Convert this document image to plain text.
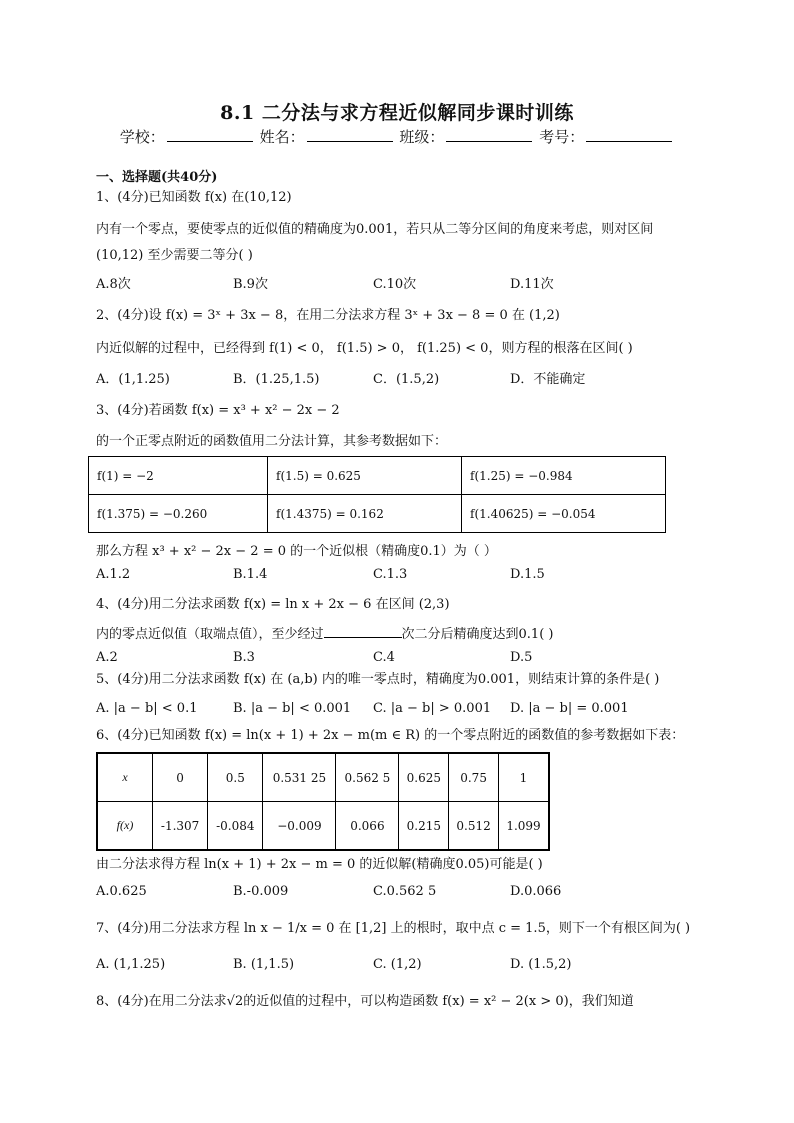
8.1 二分法与求方程近似解同步课时训练
学校：	姓名：	班级：	考号：
一、选择题(共40分)
1、(4分)已知函数 f(x) 在(10,12)
内有一个零点，要使零点的近似值的精确度为0.001，若只从二等分区间的角度来考虑，则对区间
(10,12) 至少需要二等分( )
A.8次	B.9次	C.10次	D.11次
2、(4分)设 f(x) = 3ˣ + 3x − 8，在用二分法求方程 3ˣ + 3x − 8 = 0 在 (1,2)
内近似解的过程中，已经得到 f(1) < 0， f(1.5) > 0， f(1.25) < 0，则方程的根落在区间( )
A．(1,1.25)	B．(1.25,1.5)	C．(1.5,2)	D．不能确定
3、(4分)若函数 f(x) = x³ + x² − 2x − 2
的一个正零点附近的函数值用二分法计算，其参考数据如下：
f(1) = −2	f(1.5) = 0.625	f(1.25) = −0.984
f(1.375) = −0.260	f(1.4375) = 0.162	f(1.40625) = −0.054
那么方程 x³ + x² − 2x − 2 = 0 的一个近似根（精确度0.1）为（ ）
A.1.2	B.1.4	C.1.3	D.1.5
4、(4分)用二分法求函数 f(x) = ln x + 2x − 6 在区间 (2,3)
内的零点近似值（取端点值），至少经过	次二分后精确度达到0.1( )
A.2	B.3	C.4	D.5
5、(4分)用二分法求函数 f(x) 在 (a,b) 内的唯一零点时，精确度为0.001，则结束计算的条件是( )
A. |a − b| < 0.1	B. |a − b| < 0.001 C. |a − b| > 0.001 D. |a − b| = 0.001
6、(4分)已知函数 f(x) = ln(x + 1) + 2x − m(m ∈ R) 的一个零点附近的函数值的参考数据如下表：
x	0	0.5	0.531 25	0.562 5	0.625	0.75	1
f(x)	-1.307	-0.084	−0.009	0.066	0.215	0.512	1.099
由二分法求得方程 ln(x + 1) + 2x − m = 0 的近似解(精确度0.05)可能是( )
A.0.625	B.-0.009	C.0.562 5	D.0.066
7、(4分)用二分法求方程 ln x − 1/x = 0 在 [1,2] 上的根时，取中点 c = 1.5，则下一个有根区间为( )
A. (1,1.25)	B. (1,1.5)	C. (1,2)	D. (1.5,2)
8、(4分)在用二分法求√2的近似值的过程中，可以构造函数 f(x) = x² − 2(x > 0)，我们知道
